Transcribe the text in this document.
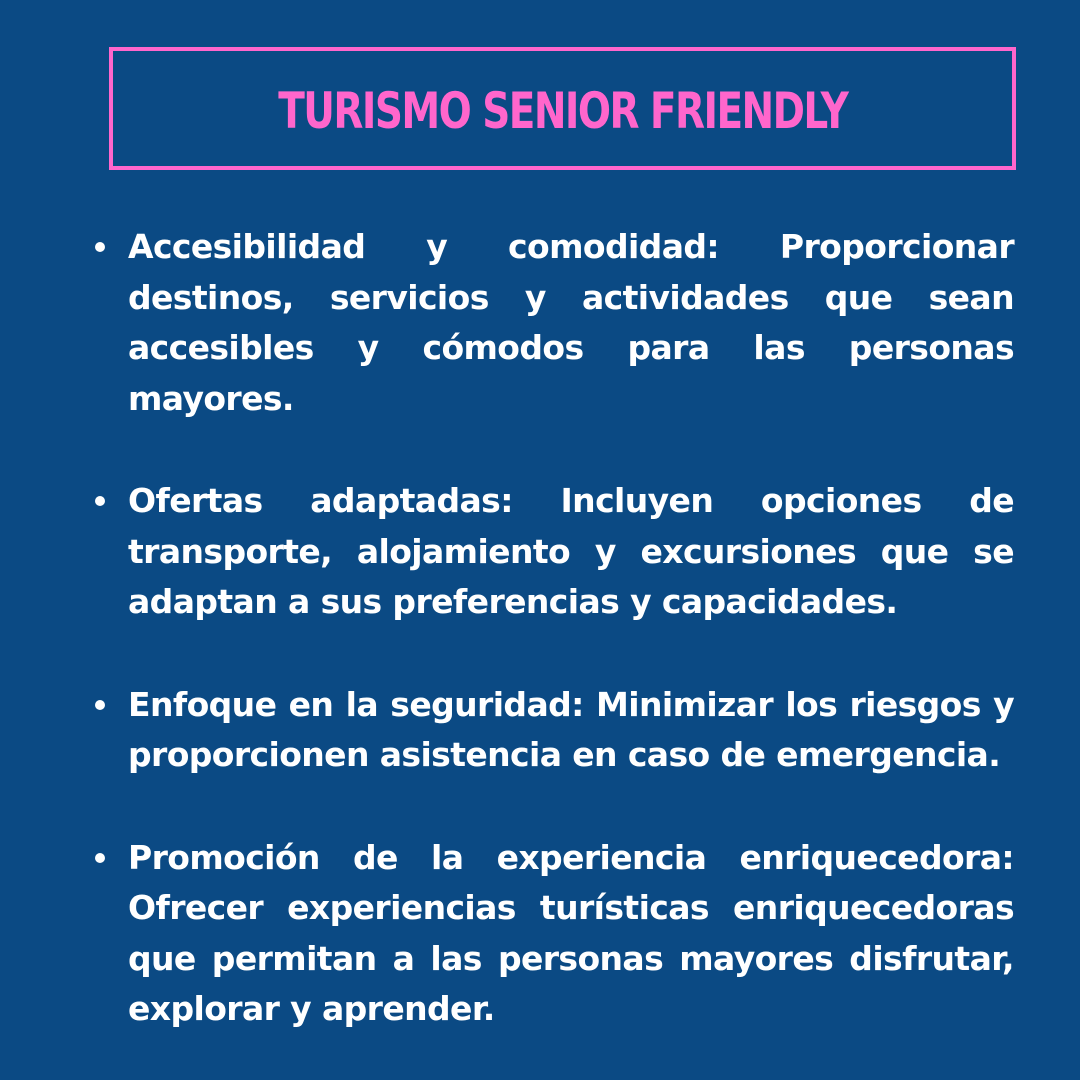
TURISMO SENIOR FRIENDLY
Accesibilidad y comodidad: Proporcionar destinos, servicios y actividades que sean accesibles y cómodos para las personas mayores.
Ofertas adaptadas: Incluyen opciones de transporte, alojamiento y excursiones que se adaptan a sus preferencias y capacidades.
Enfoque en la seguridad: Minimizar los riesgos y proporcionen asistencia en caso de emergencia.
Promoción de la experiencia enriquecedora: Ofrecer experiencias turísticas enriquecedoras que permitan a las personas mayores disfrutar, explorar y aprender.
